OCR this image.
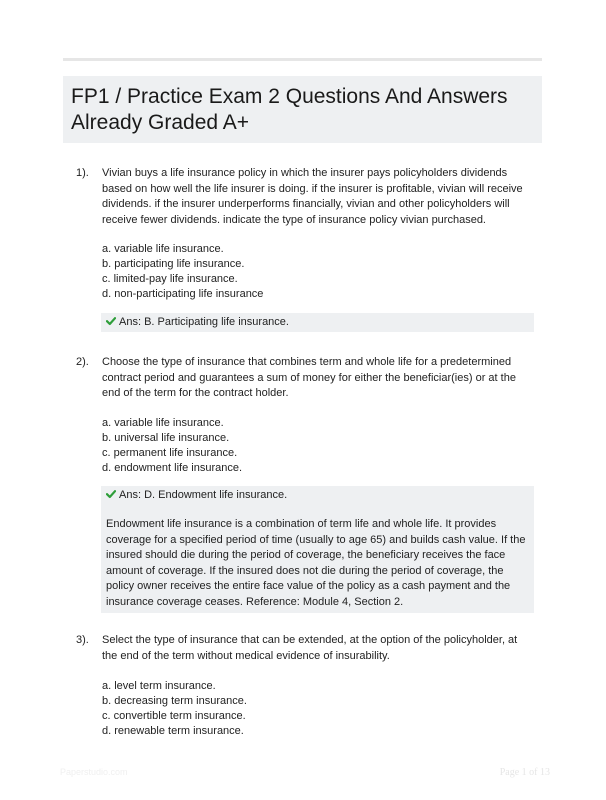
FP1 / Practice Exam 2 Questions And Answers Already Graded A+
1). Vivian buys a life insurance policy in which the insurer pays policyholders dividends based on how well the life insurer is doing. if the insurer is profitable, vivian will receive dividends. if the insurer underperforms financially, vivian and other policyholders will receive fewer dividends. indicate the type of insurance policy vivian purchased.
a. variable life insurance.
b. participating life insurance.
c. limited-pay life insurance.
d. non-participating life insurance
Ans: B. Participating life insurance.
2). Choose the type of insurance that combines term and whole life for a predetermined contract period and guarantees a sum of money for either the beneficiar(ies) or at the end of the term for the contract holder.
a. variable life insurance.
b. universal life insurance.
c. permanent life insurance.
d. endowment life insurance.
Ans: D. Endowment life insurance.
Endowment life insurance is a combination of term life and whole life. It provides coverage for a specified period of time (usually to age 65) and builds cash value. If the insured should die during the period of coverage, the beneficiary receives the face amount of coverage. If the insured does not die during the period of coverage, the policy owner receives the entire face value of the policy as a cash payment and the insurance coverage ceases. Reference: Module 4, Section 2.
3). Select the type of insurance that can be extended, at the option of the policyholder, at the end of the term without medical evidence of insurability.
a. level term insurance.
b. decreasing term insurance.
c. convertible term insurance.
d. renewable term insurance.
Paperstudio.com	Page 1 of 13
